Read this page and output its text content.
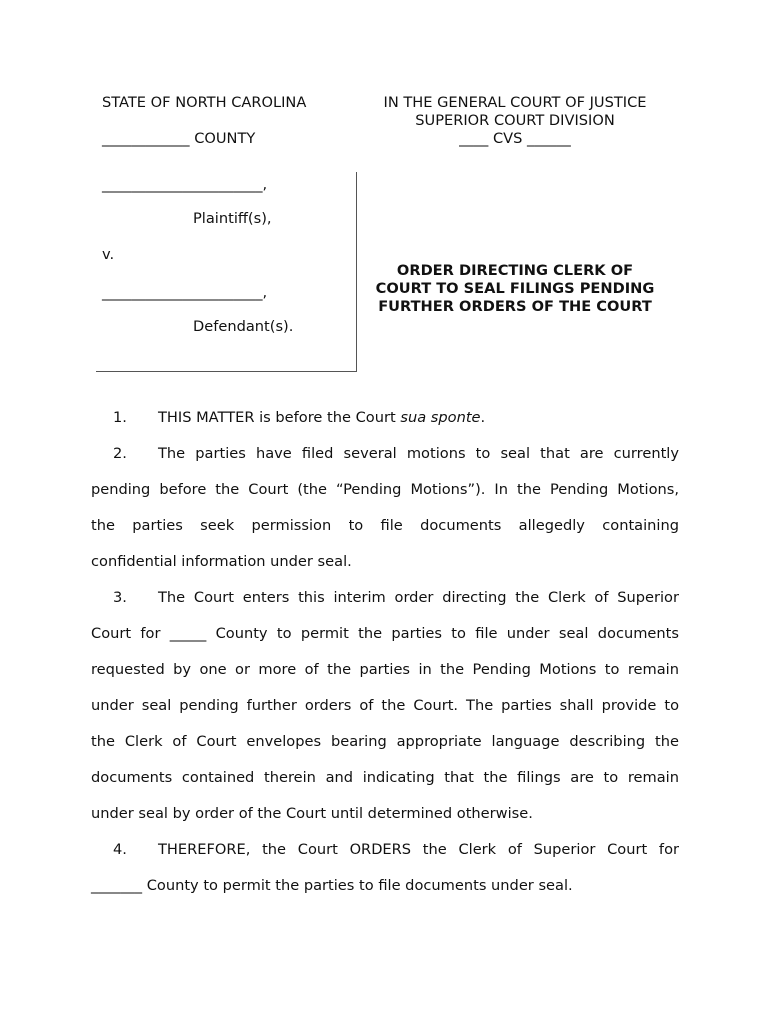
STATE OF NORTH CAROLINA
____________ COUNTY
IN THE GENERAL COURT OF JUSTICE
SUPERIOR COURT DIVISION
____ CVS ______
______________________,
Plaintiff(s),
v.
______________________,
Defendant(s).
ORDER DIRECTING CLERK OF
COURT TO SEAL FILINGS PENDING
FURTHER ORDERS OF THE COURT
1. THIS MATTER is before the Court sua sponte.
2. The parties have filed several motions to seal that are currently
pending before the Court (the “Pending Motions”). In the Pending Motions,
the parties seek permission to file documents allegedly containing
confidential information under seal.
3. The Court enters this interim order directing the Clerk of Superior
Court for _____ County to permit the parties to file under seal documents
requested by one or more of the parties in the Pending Motions to remain
under seal pending further orders of the Court. The parties shall provide to
the Clerk of Court envelopes bearing appropriate language describing the
documents contained therein and indicating that the filings are to remain
under seal by order of the Court until determined otherwise.
4. THEREFORE, the Court ORDERS the Clerk of Superior Court for
_______ County to permit the parties to file documents under seal.
